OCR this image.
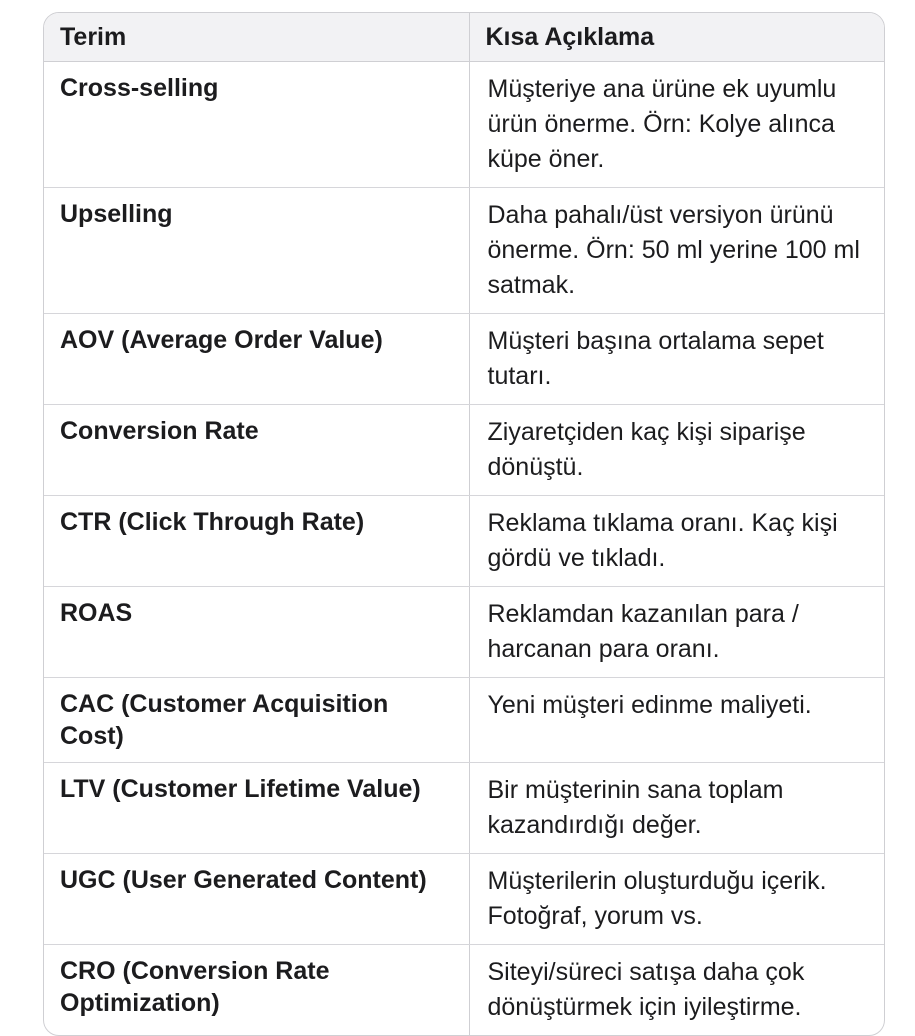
Terim	Kısa Açıklama
Cross-selling	Müşteriye ana ürüne ek uyumlu ürün önerme. Örn: Kolye alınca küpe öner.
Upselling	Daha pahalı/üst versiyon ürünü önerme. Örn: 50 ml yerine 100 ml satmak.
AOV (Average Order Value)	Müşteri başına ortalama sepet tutarı.
Conversion Rate	Ziyaretçiden kaç kişi siparişe dönüştü.
CTR (Click Through Rate)	Reklama tıklama oranı. Kaç kişi gördü ve tıkladı.
ROAS	Reklamdan kazanılan para / harcanan para oranı.
CAC (Customer Acquisition Cost)	Yeni müşteri edinme maliyeti.
LTV (Customer Lifetime Value)	Bir müşterinin sana toplam kazandırdığı değer.
UGC (User Generated Content)	Müşterilerin oluşturduğu içerik. Fotoğraf, yorum vs.
CRO (Conversion Rate Optimization)	Siteyi/süreci satışa daha çok dönüştürmek için iyileştirme.
